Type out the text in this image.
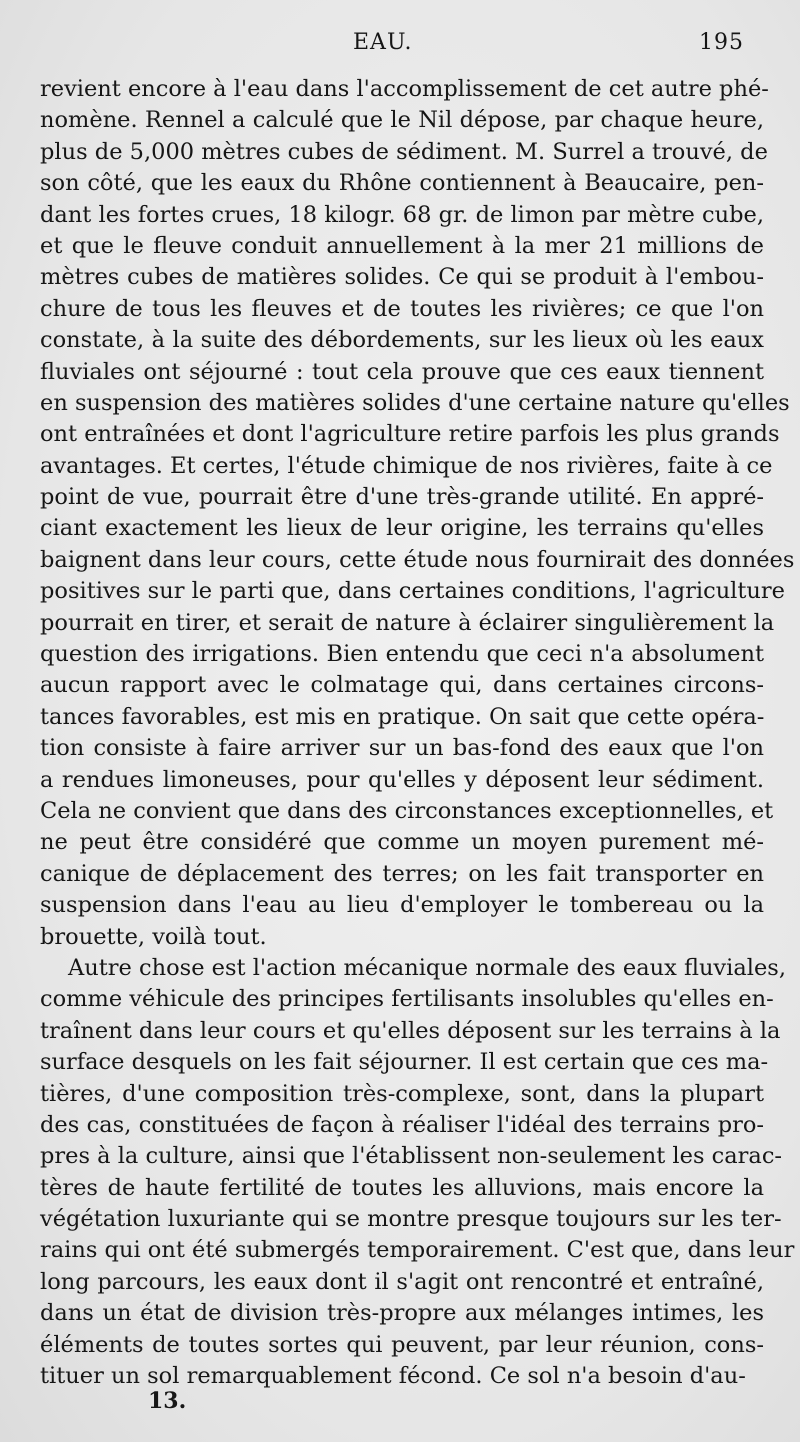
EAU.	195
revient encore à l'eau dans l'accomplissement de cet autre phé-
nomène. Rennel a calculé que le Nil dépose, par chaque heure,
plus de 5,000 mètres cubes de sédiment. M. Surrel a trouvé, de
son côté, que les eaux du Rhône contiennent à Beaucaire, pen-
dant les fortes crues, 18 kilogr. 68 gr. de limon par mètre cube,
et que le fleuve conduit annuellement à la mer 21 millions de
mètres cubes de matières solides. Ce qui se produit à l'embou-
chure de tous les fleuves et de toutes les rivières; ce que l'on
constate, à la suite des débordements, sur les lieux où les eaux
fluviales ont séjourné : tout cela prouve que ces eaux tiennent
en suspension des matières solides d'une certaine nature qu'elles
ont entraînées et dont l'agriculture retire parfois les plus grands
avantages. Et certes, l'étude chimique de nos rivières, faite à ce
point de vue, pourrait être d'une très-grande utilité. En appré-
ciant exactement les lieux de leur origine, les terrains qu'elles
baignent dans leur cours, cette étude nous fournirait des données
positives sur le parti que, dans certaines conditions, l'agriculture
pourrait en tirer, et serait de nature à éclairer singulièrement la
question des irrigations. Bien entendu que ceci n'a absolument
aucun rapport avec le colmatage qui, dans certaines circons-
tances favorables, est mis en pratique. On sait que cette opéra-
tion consiste à faire arriver sur un bas-fond des eaux que l'on
a rendues limoneuses, pour qu'elles y déposent leur sédiment.
Cela ne convient que dans des circonstances exceptionnelles, et
ne peut être considéré que comme un moyen purement mé-
canique de déplacement des terres; on les fait transporter en
suspension dans l'eau au lieu d'employer le tombereau ou la
brouette, voilà tout.
Autre chose est l'action mécanique normale des eaux fluviales,
comme véhicule des principes fertilisants insolubles qu'elles en-
traînent dans leur cours et qu'elles déposent sur les terrains à la
surface desquels on les fait séjourner. Il est certain que ces ma-
tières, d'une composition très-complexe, sont, dans la plupart
des cas, constituées de façon à réaliser l'idéal des terrains pro-
pres à la culture, ainsi que l'établissent non-seulement les carac-
tères de haute fertilité de toutes les alluvions, mais encore la
végétation luxuriante qui se montre presque toujours sur les ter-
rains qui ont été submergés temporairement. C'est que, dans leur
long parcours, les eaux dont il s'agit ont rencontré et entraîné,
dans un état de division très-propre aux mélanges intimes, les
éléments de toutes sortes qui peuvent, par leur réunion, cons-
tituer un sol remarquablement fécond. Ce sol n'a besoin d'au-
13.
